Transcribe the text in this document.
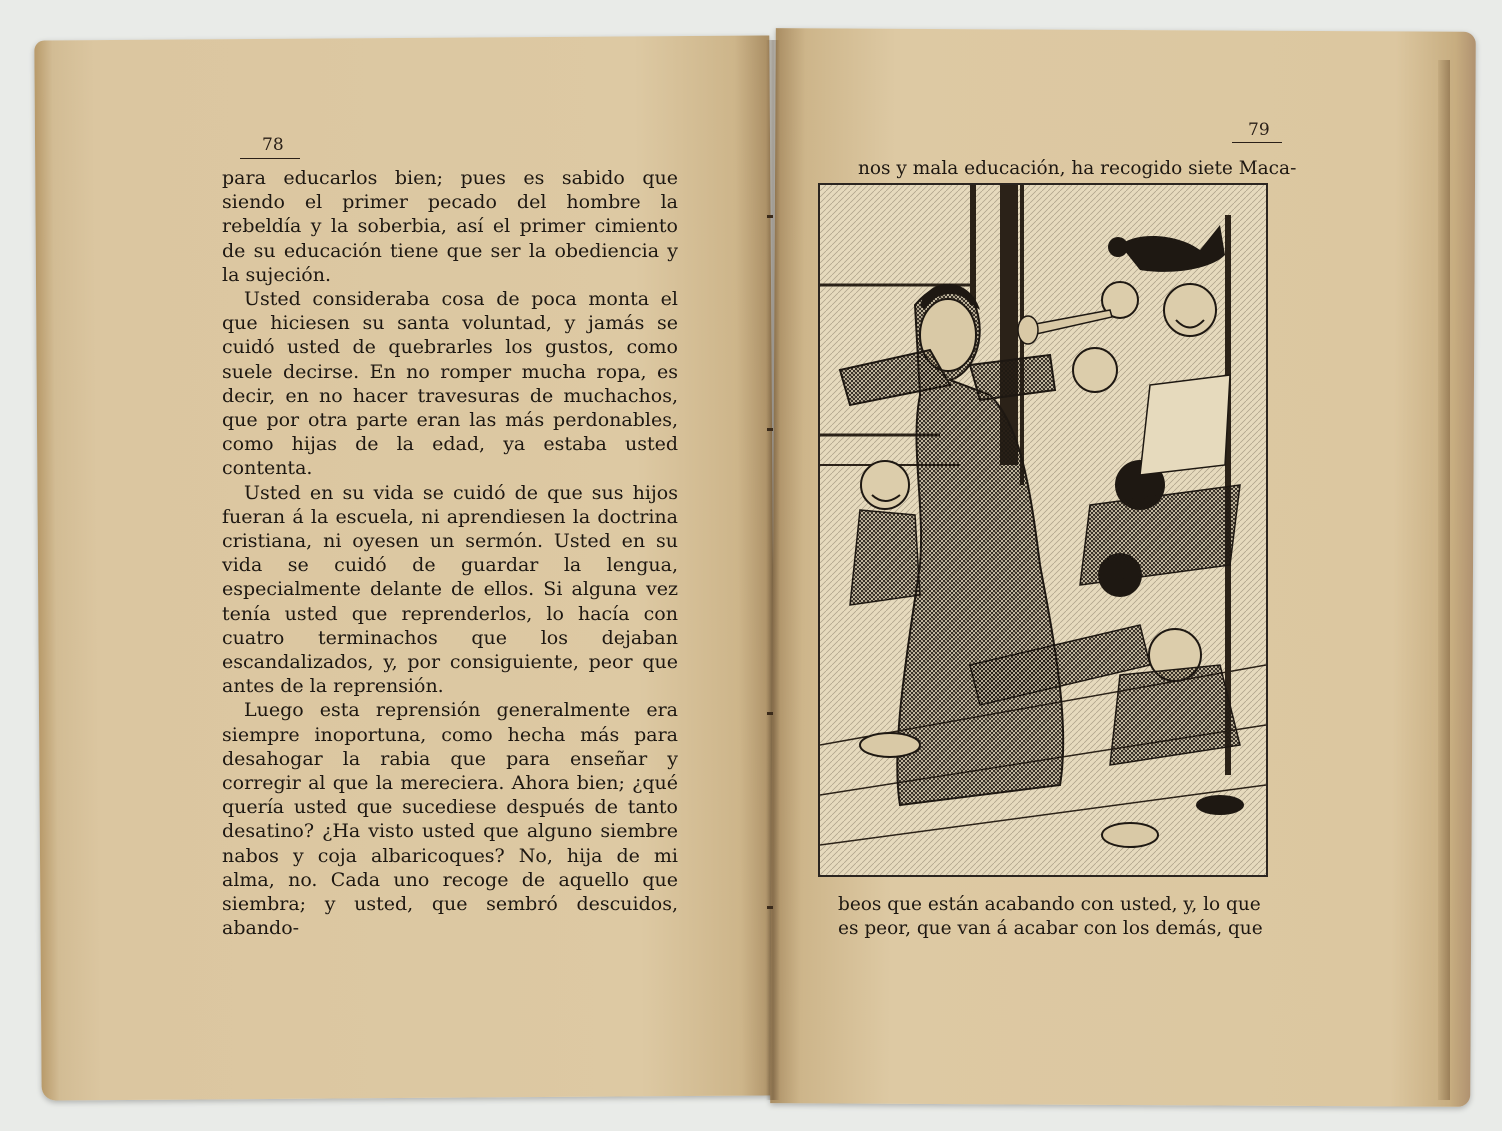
78

para educarlos bien; pues es sabido que siendo el primer pecado del hombre la rebeldía y la soberbia, así el primer cimiento de su educación tiene que ser la obediencia y la sujeción.

Usted consideraba cosa de poca monta el que hiciesen su santa voluntad, y jamás se cuidó usted de quebrarles los gustos, como suele decirse. En no romper mucha ropa, es decir, en no hacer travesuras de muchachos, que por otra parte eran las más perdonables, como hijas de la edad, ya estaba usted contenta.

Usted en su vida se cuidó de que sus hijos fueran á la escuela, ni aprendiesen la doctrina cristiana, ni oyesen un sermón. Usted en su vida se cuidó de guardar la lengua, especialmente delante de ellos. Si alguna vez tenía usted que reprenderlos, lo hacía con cuatro terminachos que los dejaban escandalizados, y, por consiguiente, peor que antes de la reprensión.

Luego esta reprensión generalmente era siempre inoportuna, como hecha más para desahogar la rabia que para enseñar y corregir al que la mereciera. Ahora bien; ¿qué quería usted que sucediese después de tanto desatino? ¿Ha visto usted que alguno siembre nabos y coja albaricoques? No, hija de mi alma, no. Cada uno recoge de aquello que siembra; y usted, que sembró descuidos, abando-

79
nos y mala educación, ha recogido siete Maca-
beos que están acabando con usted, y, lo que
es peor, que van á acabar con los demás, que
